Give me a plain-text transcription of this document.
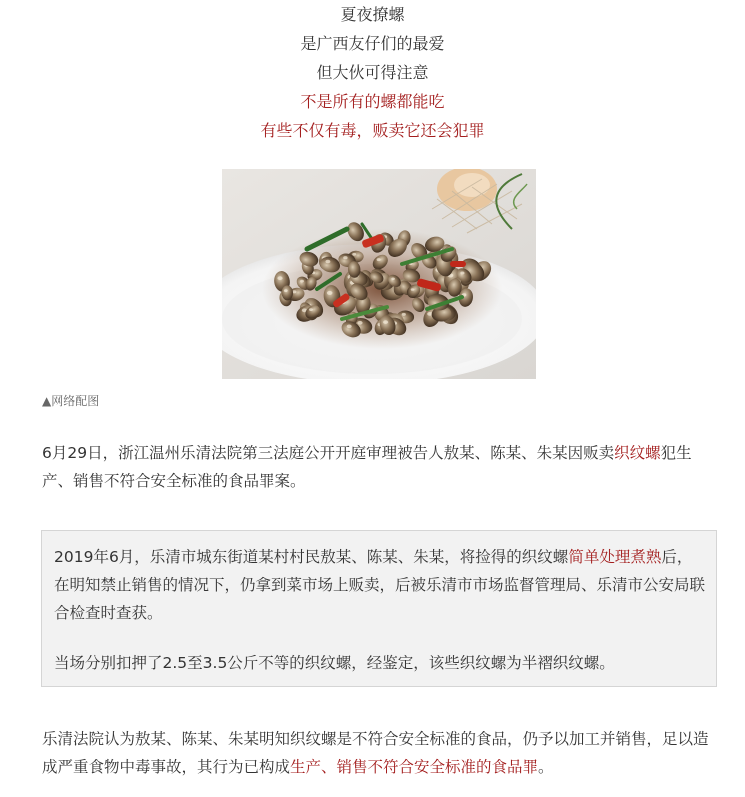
夏夜撩螺
是广西友仔们的最爱
但大伙可得注意
不是所有的螺都能吃
有些不仅有毒，贩卖它还会犯罪
▲网络配图
6月29日，浙江温州乐清法院第三法庭公开开庭审理被告人敖某、陈某、朱某因贩卖织纹螺犯生产、销售不符合安全标准的食品罪案。

2019年6月，乐清市城东街道某村村民敖某、陈某、朱某，将捡得的织纹螺简单处理煮熟后，在明知禁止销售的情况下，仍拿到菜市场上贩卖，后被乐清市市场监督管理局、乐清市公安局联合检查时查获。

当场分别扣押了2.5至3.5公斤不等的织纹螺，经鉴定，该些织纹螺为半褶织纹螺。

乐清法院认为敖某、陈某、朱某明知织纹螺是不符合安全标准的食品，仍予以加工并销售，足以造成严重食物中毒事故，其行为已构成生产、销售不符合安全标准的食品罪。
